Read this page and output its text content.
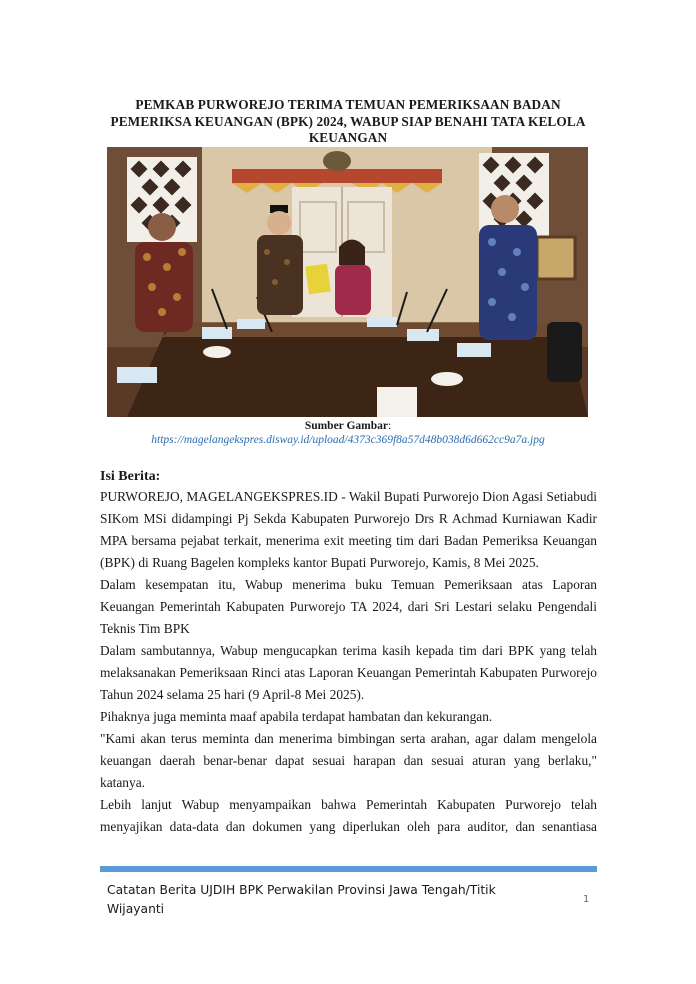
PEMKAB PURWOREJO TERIMA TEMUAN PEMERIKSAAN BADAN PEMERIKSA KEUANGAN (BPK) 2024, WABUP SIAP BENAHI TATA KELOLA KEUANGAN
Sumber Gambar:
https://magelangekspres.disway.id/upload/4373c369f8a57d48b038d6d662cc9a7a.jpg
Isi Berita:

PURWOREJO, MAGELANGEKSPRES.ID - Wakil Bupati Purworejo Dion Agasi Setiabudi SIKom MSi didampingi Pj Sekda Kabupaten Purworejo Drs R Achmad Kurniawan Kadir MPA bersama pejabat terkait, menerima exit meeting tim dari Badan Pemeriksa Keuangan (BPK) di Ruang Bagelen kompleks kantor Bupati Purworejo, Kamis, 8 Mei 2025.

Dalam kesempatan itu, Wabup menerima buku Temuan Pemeriksaan atas Laporan Keuangan Pemerintah Kabupaten Purworejo TA 2024, dari Sri Lestari selaku Pengendali Teknis Tim BPK

Dalam sambutannya, Wabup mengucapkan terima kasih kepada tim dari BPK yang telah melaksanakan Pemeriksaan Rinci atas Laporan Keuangan Pemerintah Kabupaten Purworejo Tahun 2024 selama 25 hari (9 April-8 Mei 2025).

Pihaknya juga meminta maaf apabila terdapat hambatan dan kekurangan.

"Kami akan terus meminta dan menerima bimbingan serta arahan, agar dalam mengelola keuangan daerah benar-benar dapat sesuai harapan dan sesuai aturan yang berlaku," katanya.

Lebih lanjut Wabup menyampaikan bahwa Pemerintah Kabupaten Purworejo telah menyajikan data-data dan dokumen yang diperlukan oleh para auditor, dan senantiasa

Catatan Berita UJDIH BPK Perwakilan Provinsi Jawa Tengah/Titik Wijayanti
1
